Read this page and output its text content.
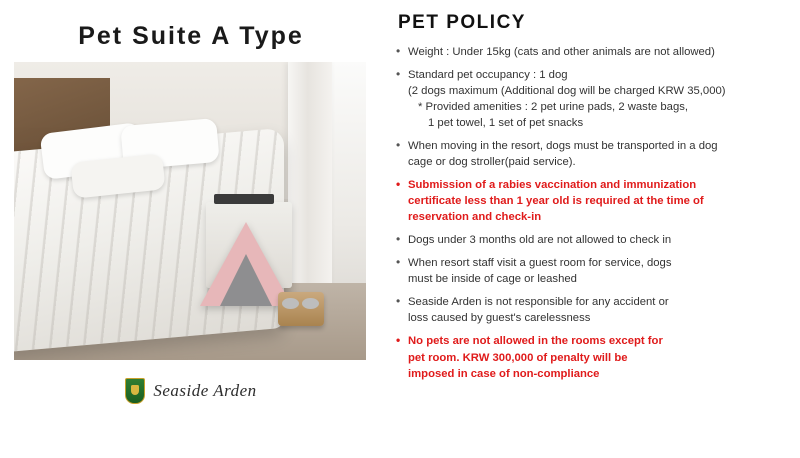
Pet Suite A Type
Seaside Arden
PET POLICY
• Weight : Under 15kg (cats and other animals are not allowed)
• Standard pet occupancy : 1 dog
(2 dogs maximum (Additional dog will be charged KRW 35,000)
* Provided amenities : 2 pet urine pads, 2 waste bags,
1 pet towel, 1 set of pet snacks
• When moving in the resort, dogs must be transported in a dog
cage or dog stroller(paid service).
• Submission of a rabies vaccination and immunization
certificate less than 1 year old is required at the time of
reservation and check-in
• Dogs under 3 months old are not allowed to check in
• When resort staff visit a guest room for service, dogs
must be inside of cage or leashed
• Seaside Arden is not responsible for any accident or
loss caused by guest's carelessness
• No pets are not allowed in the rooms except for
pet room. KRW 300,000 of penalty will be
imposed in case of non-compliance
